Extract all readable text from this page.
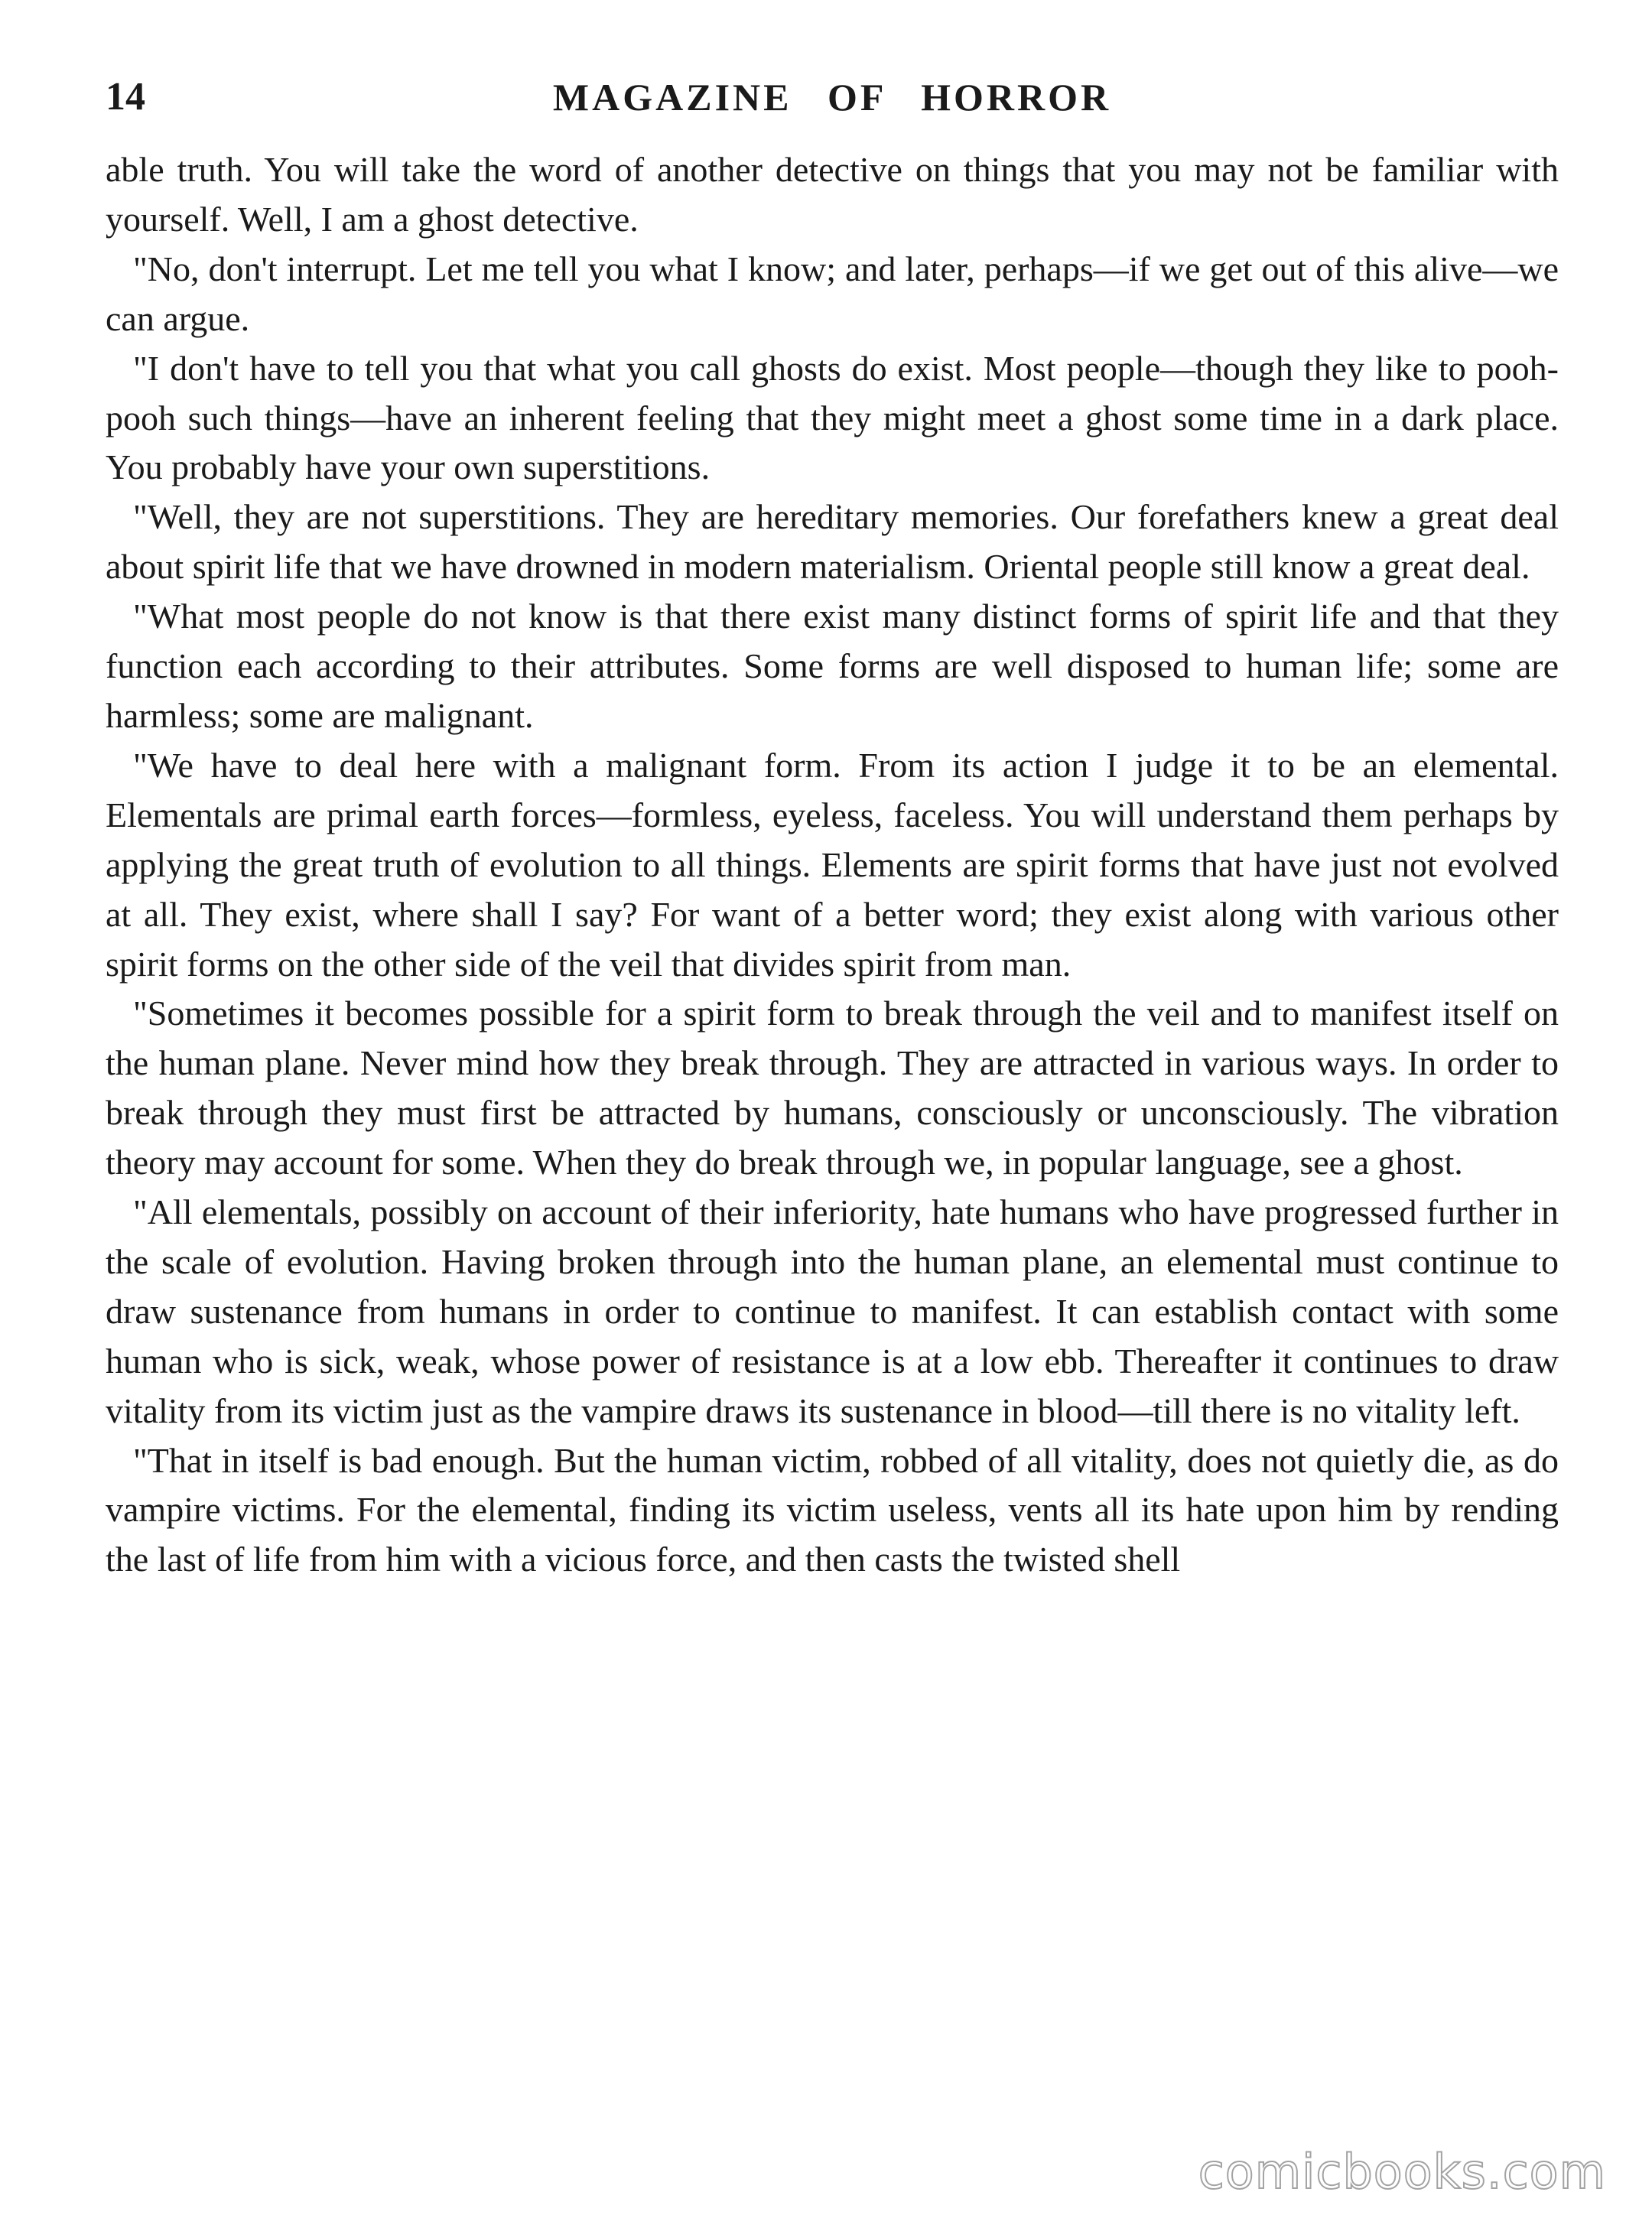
14	MAGAZINE OF HORROR

able truth. You will take the word of another detective on things that you may not be familiar with yourself. Well, I am a ghost detective.

"No, don't interrupt. Let me tell you what I know; and later, perhaps—if we get out of this alive—we can argue.

"I don't have to tell you that what you call ghosts do exist. Most people—though they like to pooh-pooh such things—have an inherent feeling that they might meet a ghost some time in a dark place. You probably have your own superstitions.

"Well, they are not superstitions. They are hereditary memories. Our forefathers knew a great deal about spirit life that we have drowned in modern materialism. Oriental people still know a great deal.

"What most people do not know is that there exist many distinct forms of spirit life and that they function each according to their attributes. Some forms are well disposed to human life; some are harmless; some are malignant.

"We have to deal here with a malignant form. From its action I judge it to be an elemental. Elementals are primal earth forces—formless, eyeless, faceless. You will understand them perhaps by applying the great truth of evolution to all things. Elements are spirit forms that have just not evolved at all. They exist, where shall I say? For want of a better word; they exist along with various other spirit forms on the other side of the veil that divides spirit from man.

"Sometimes it becomes possible for a spirit form to break through the veil and to manifest itself on the human plane. Never mind how they break through. They are attracted in various ways. In order to break through they must first be attracted by humans, consciously or unconsciously. The vibration theory may account for some. When they do break through we, in popular language, see a ghost.

"All elementals, possibly on account of their inferiority, hate humans who have progressed further in the scale of evolution. Having broken through into the human plane, an elemental must continue to draw sustenance from humans in order to continue to manifest. It can establish contact with some human who is sick, weak, whose power of resistance is at a low ebb. Thereafter it continues to draw vitality from its victim just as the vampire draws its sustenance in blood—till there is no vitality left.

"That in itself is bad enough. But the human victim, robbed of all vitality, does not quietly die, as do vampire victims. For the elemental, finding its victim useless, vents all its hate upon him by rending the last of life from him with a vicious force, and then casts the twisted shell

comicbooks.com
